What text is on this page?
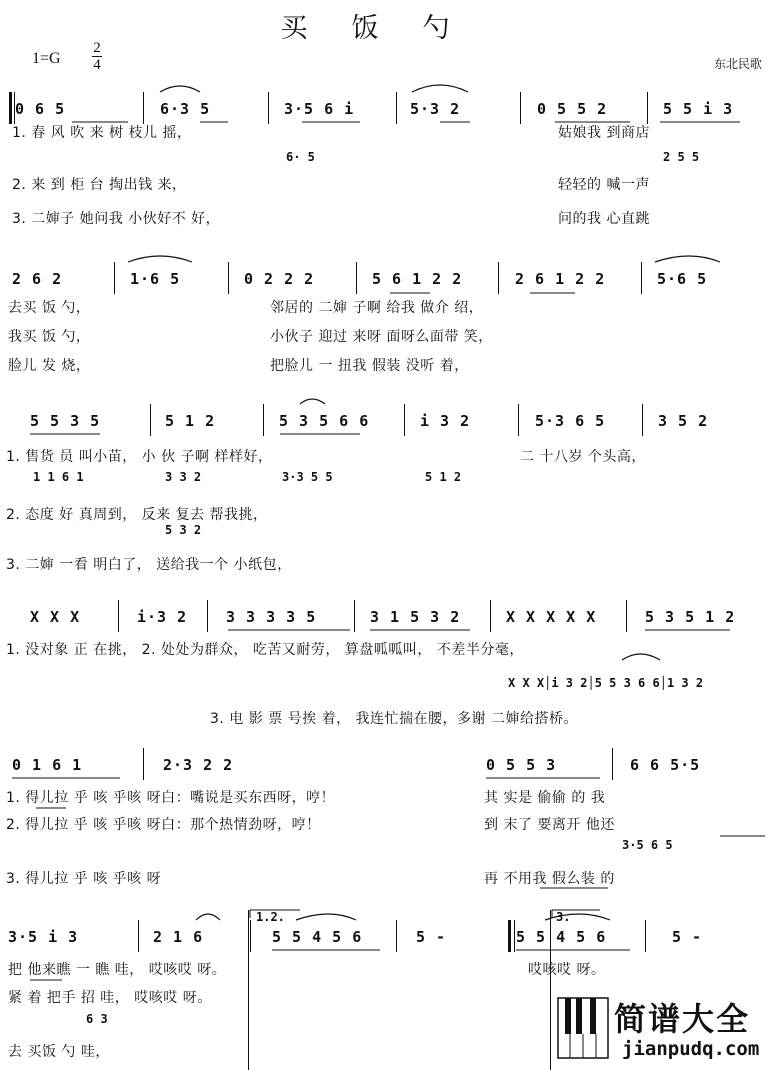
买饭勺
1=G
2
4	东北民歌
0 6 5	6·3 5	3·5 6 i	5·3 2	0 5 5 2	5 5 i 3
1. 春 风 吹 来 树 枝儿 摇，	姑娘我 到商店
2. 来 到 柜 台 掏出钱 来，	轻轻的 喊一声
3. 二婶子 她问我 小伙好不 好，	问的我 心直跳
6· 5	2 5 5
2 6 2	1·6 5	0 2 2 2	5 6 1 2 2	2 6 1 2 2	5·6 5
去买 饭 勺，	邻居的 二婶 子啊 给我 做介 绍，
我买 饭 勺，	小伙子 迎过 来呀 面呀么面带 笑，
脸儿 发 烧，	把脸儿 一 扭我 假装 没听 着，
5 5 3 5	5 1 2	5 3 5 6 6	i 3 2	5·3 6 5	3 5 2
1. 售货 员 叫小苗， 小 伙 子啊 样样好，	二 十八岁 个头高，
2. 态度 好 真周到， 反来 复去 帮我挑，
3. 二婶 一看 明白了， 送给我一个 小纸包，
1 1 6 1	3 3 2	3·3 5 5	5 1 2
5 3 2
X X X	i·3 2	3 3 3 3 5	3 1 5 3 2	X X X X X	5 3 5 1 2
1. 没对象 正 在挑， 2. 处处为群众， 吃苦又耐劳， 算盘呱呱叫， 不差半分毫，
3. 电 影 票 号挨 着， 我连忙揣在腰，多谢 二婶给搭桥。
X X X│i 3 2│5 5 3 6 6│1 3 2
0 1 6 1	2·3 2 2	0 5 5 3	6 6 5·5
1. 得儿拉 乎 咳 乎咳 呀白：嘴说是买东西呀，哼！	其 实是 偷偷 的 我
2. 得儿拉 乎 咳 乎咳 呀白：那个热情劲呀，哼！	到 末了 要离开 他还
3. 得儿拉 乎 咳 乎咳 呀	再 不用我 假么装 的
3·5 6 5
3·5 i 3	2 1 6	5 5 4 5 6	5 -	5 5 4 5 6	5 -
把 他来瞧 一 瞧 哇， 哎咳哎 呀。	哎咳哎 呀。
紧 着 把手 招 哇， 哎咳哎 呀。
去 买饭 勺 哇，
6 3
1.2.	3.
简谱大全
jianpudq.com
